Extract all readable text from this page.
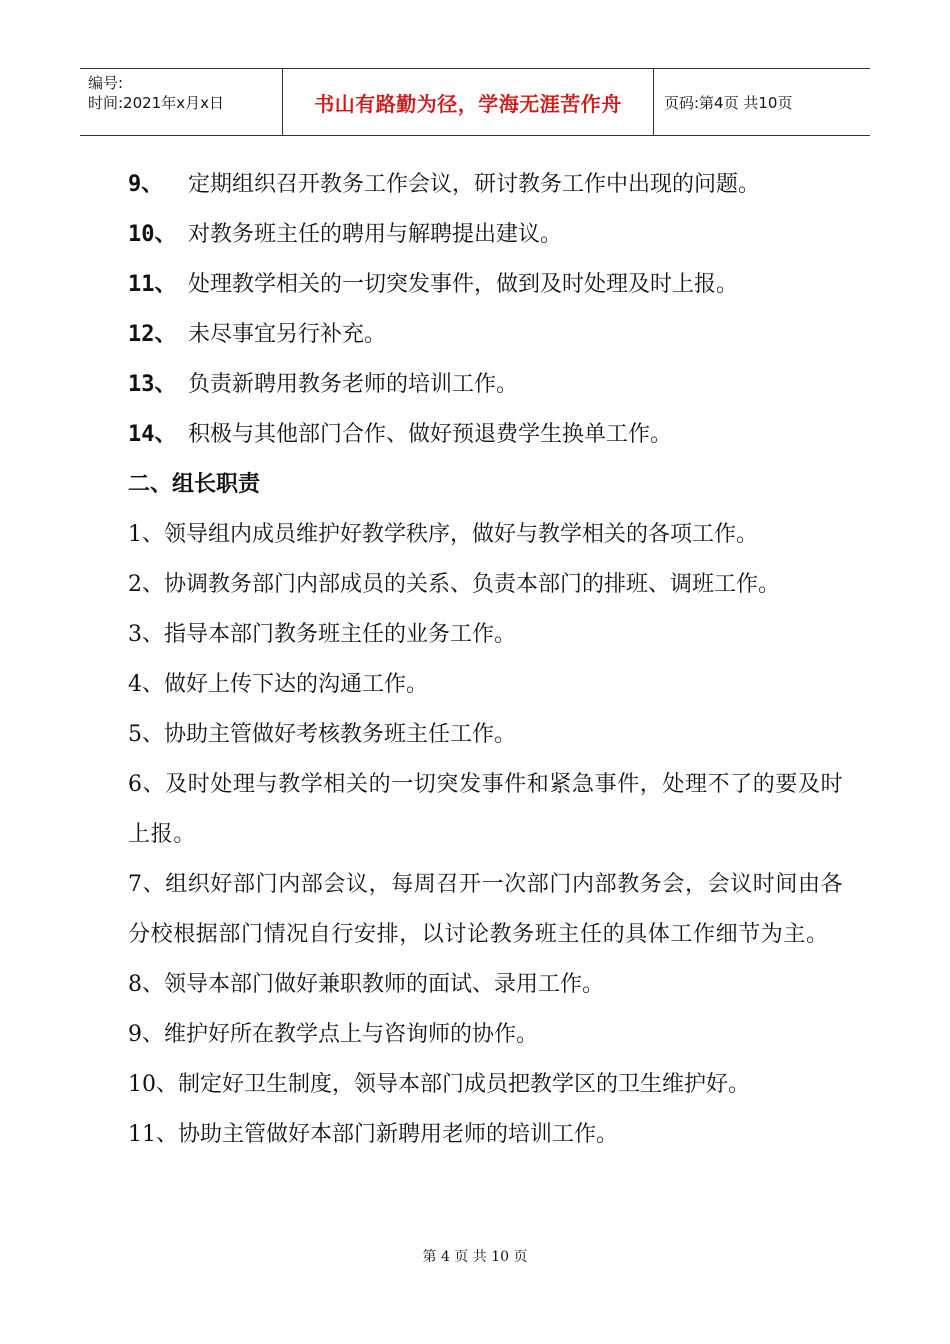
编号:
时间:2021年x月x日	书山有路勤为径，学海无涯苦作舟	页码:第4页 共10页
9、	定期组织召开教务工作会议，研讨教务工作中出现的问题。
10、 对教务班主任的聘用与解聘提出建议。
11、 处理教学相关的一切突发事件，做到及时处理及时上报。
12、 未尽事宜另行补充。
13、 负责新聘用教务老师的培训工作。
14、 积极与其他部门合作、做好预退费学生换单工作。
二、组长职责
1、领导组内成员维护好教学秩序，做好与教学相关的各项工作。
2、协调教务部门内部成员的关系、负责本部门的排班、调班工作。
3、指导本部门教务班主任的业务工作。
4、做好上传下达的沟通工作。
5、协助主管做好考核教务班主任工作。
6、及时处理与教学相关的一切突发事件和紧急事件，处理不了的要及时上报。
7、组织好部门内部会议，每周召开一次部门内部教务会，会议时间由各分校根据部门情况自行安排，以讨论教务班主任的具体工作细节为主。
8、领导本部门做好兼职教师的面试、录用工作。
9、维护好所在教学点上与咨询师的协作。
10、制定好卫生制度，领导本部门成员把教学区的卫生维护好。
11、协助主管做好本部门新聘用老师的培训工作。
第 4 页 共 10 页
